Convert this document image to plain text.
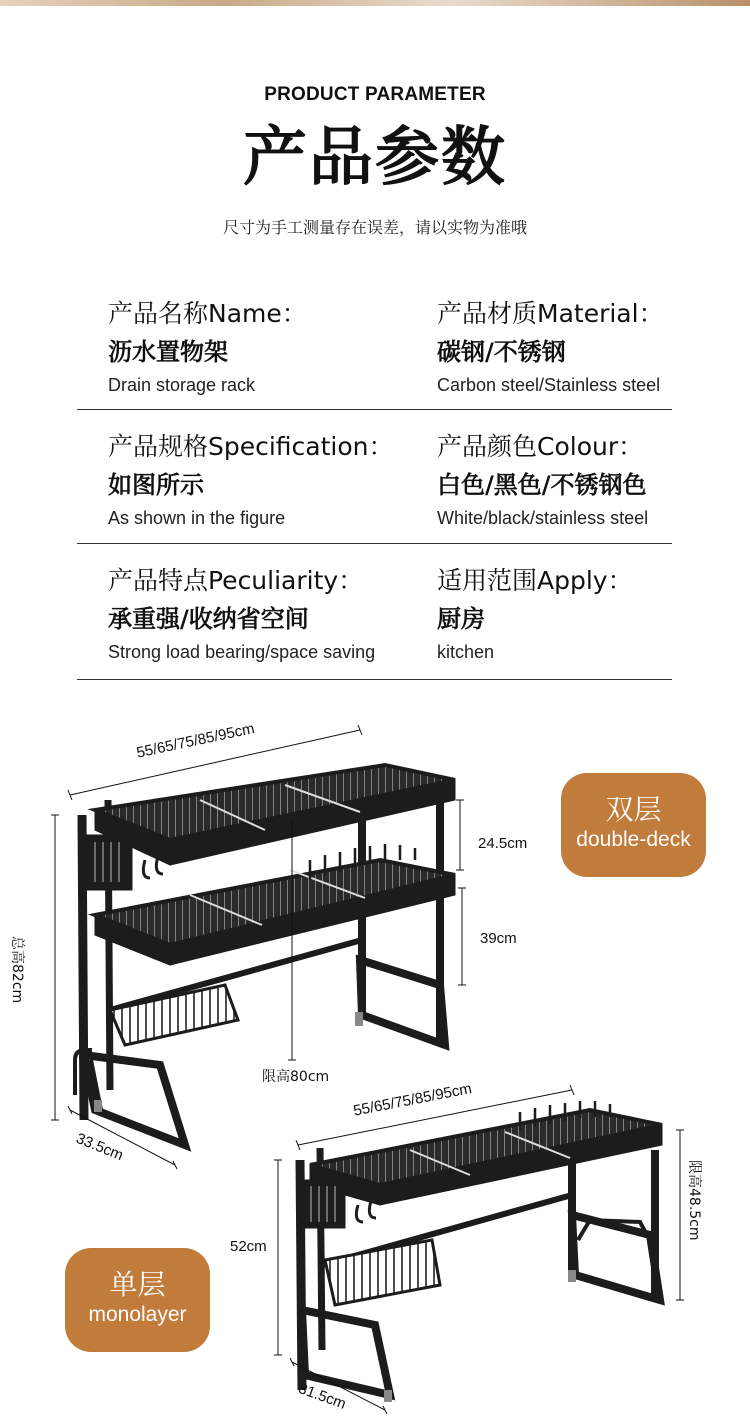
PRODUCT PARAMETER
产品参数
尺寸为手工测量存在误差，请以实物为准哦
产品名称Name：
沥水置物架
Drain storage rack
产品材质Material：
碳钢/不锈钢
Carbon steel/Stainless steel
产品规格Specification：
如图所示
As shown in the figure
产品颜色Colour：
白色/黑色/不锈钢色
White/black/stainless steel
产品特点Peculiarity：
承重强/收纳省空间
Strong load bearing/space saving
适用范围Apply：
厨房
kitchen
55/65/75/85/95cm
24.5cm
39cm
总高82cm
限高80cm
33.5cm
双层
double-deck
单层
monolayer
55/65/75/85/95cm
52cm
限高48.5cm
31.5cm
